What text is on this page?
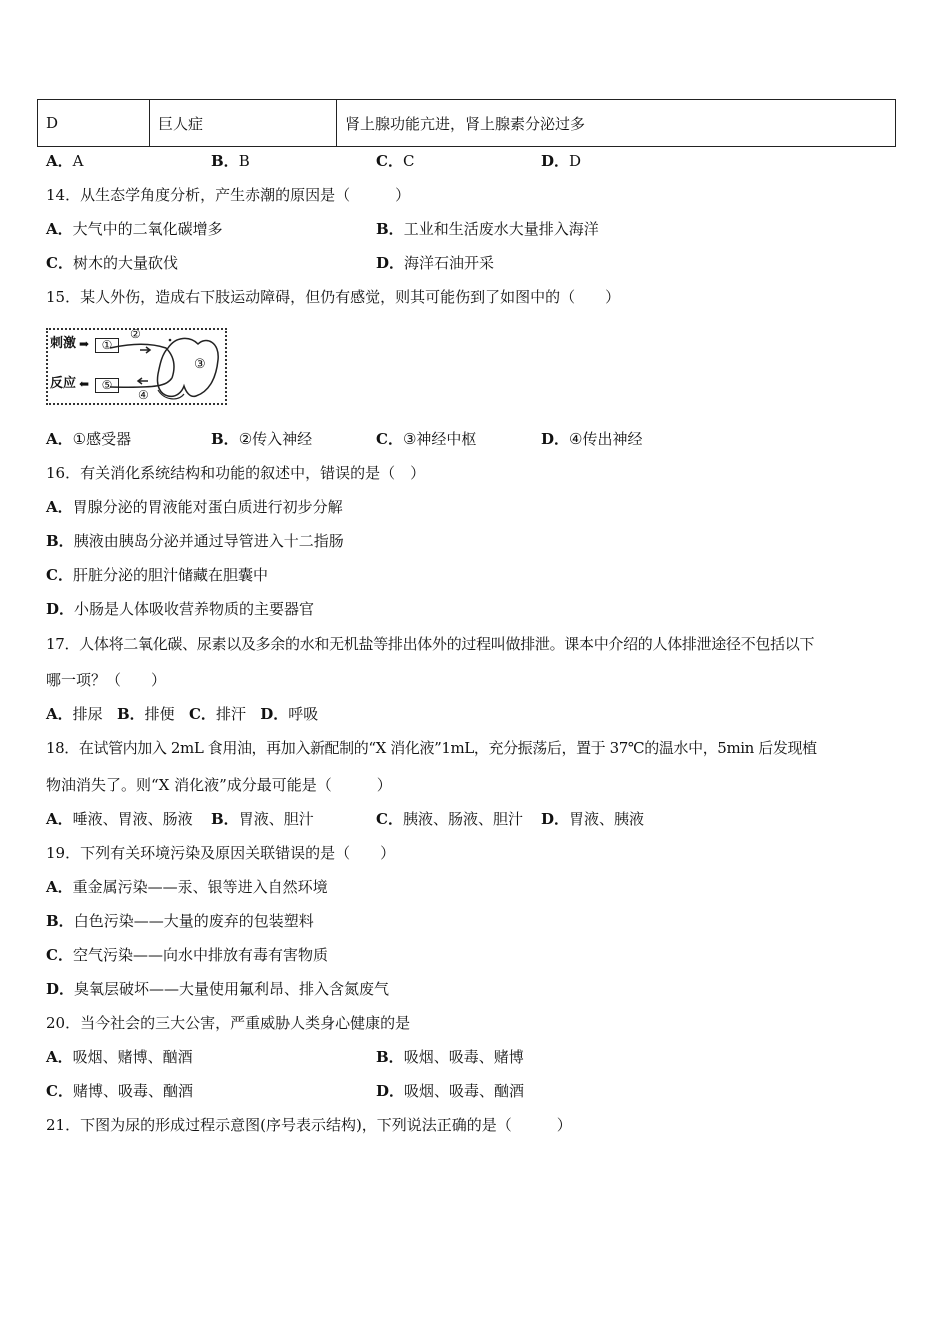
D	巨人症	肾上腺功能亢进，肾上腺素分泌过多
A．A	B．B	C．C	D．D
14．从生态学角度分析，产生赤潮的原因是（　　　）
A．大气中的二氧化碳增多	B．工业和生活废水大量排入海洋
C．树木的大量砍伐	D．海洋石油开采
15．某人外伤，造成右下肢运动障碍，但仍有感觉，则其可能伤到了如图中的（　　）
刺激 ➡	①
②
③
反应 ⬅	⑤
④
A．①感受器	B．②传入神经	C．③神经中枢	D．④传出神经
16．有关消化系统结构和功能的叙述中，错误的是（　）
A．胃腺分泌的胃液能对蛋白质进行初步分解
B．胰液由胰岛分泌并通过导管进入十二指肠
C．肝脏分泌的胆汁储藏在胆囊中
D．小肠是人体吸收营养物质的主要器官
17．人体将二氧化碳、尿素以及多余的水和无机盐等排出体外的过程叫做排泄。课本中介绍的人体排泄途径不包括以下
哪一项？（　　）
A．排尿 B．排便 C．排汗 D．呼吸
18．在试管内加入 2mL 食用油，再加入新配制的“X 消化液”1mL，充分振荡后，置于 37℃的温水中，5min 后发现植
物油消失了。则“X 消化液”成分最可能是（　　　）
A．唾液、胃液、肠液 B．胃液、胆汁	C．胰液、肠液、胆汁 D．胃液、胰液
19．下列有关环境污染及原因关联错误的是（　　）
A．重金属污染——汞、银等进入自然环境
B．白色污染——大量的废弃的包装塑料
C．空气污染——向水中排放有毒有害物质
D．臭氧层破坏——大量使用氟利昂、排入含氮废气
20．当今社会的三大公害，严重威胁人类身心健康的是
A．吸烟、赌博、酗酒	B．吸烟、吸毒、赌博
C．赌博、吸毒、酗酒	D．吸烟、吸毒、酗酒
21．下图为尿的形成过程示意图(序号表示结构)，下列说法正确的是（　　　）
